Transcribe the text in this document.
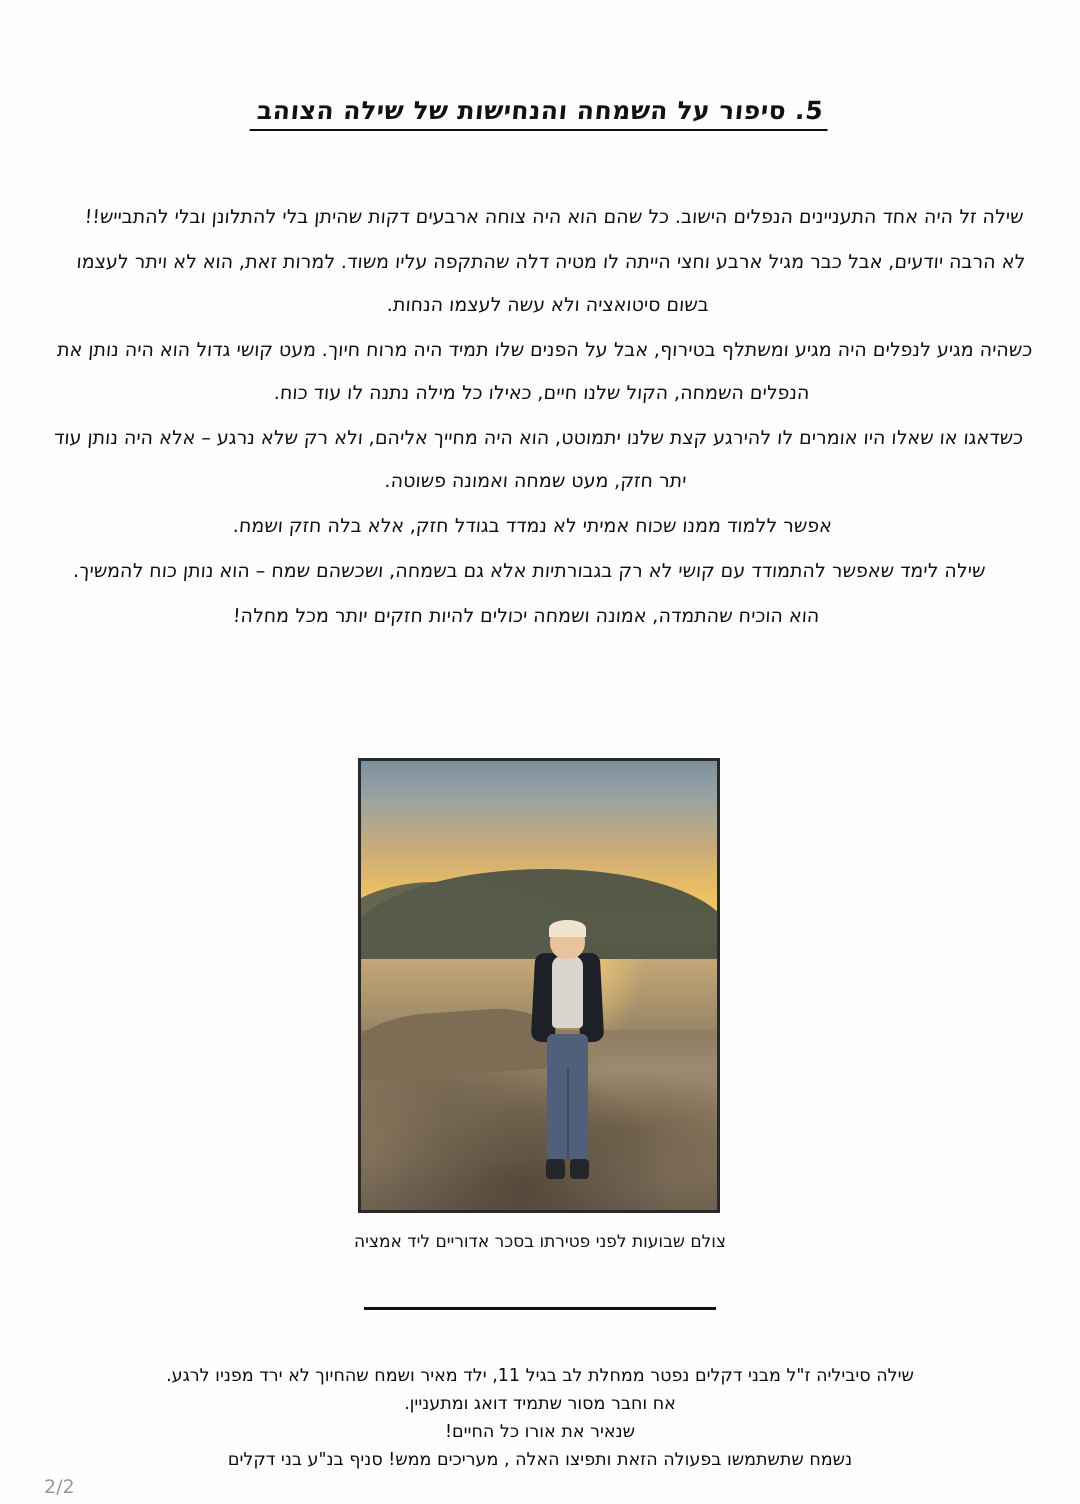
5. סיפור על השמחה והנחישות של שילה הצוהב

שילה זל היה אחד התעניינים הנפלים הישוב. כל שהם הוא היה צוחה ארבעים דקות שהיתן בלי להתלונן ובלי להתבייש!!

לא הרבה יודעים, אבל כבר מגיל ארבע וחצי הייתה לו מטיה דלה שהתקפה עליו משוד. למרות זאת, הוא לא ויתר לעצמו בשום סיטואציה ולא עשה לעצמו הנחות.

כשהיה מגיע לנפלים היה מגיע ומשתלף בטירוף, אבל על הפנים שלו תמיד היה מרוח חיוך. מעט קושי גדול הוא היה נותן את הנפלים השמחה, הקול שלנו חיים, כאילו כל מילה נתנה לו עוד כוח.

כשדאגו או שאלו היו אומרים לו להירגע קצת שלנו יתמוטט, הוא היה מחייך אליהם, ולא רק שלא נרגע – אלא היה נותן עוד יתר חזק, מעט שמחה ואמונה פשוטה.

אפשר ללמוד ממנו שכוח אמיתי לא נמדד בגודל חזק, אלא בלה חזק ושמח.

שילה לימד שאפשר להתמודד עם קושי לא רק בגבורתיות אלא גם בשמחה, ושכשהם שמח – הוא נותן כוח להמשיך.

הוא הוכיח שהתמדה, אמונה ושמחה יכולים להיות חזקים יותר מכל מחלה!

צולם שבועות לפני פטירתו בסכר אדוריים ליד אמציה

שילה סיביליה ז"ל מבני דקלים נפטר ממחלת לב בגיל 11, ילד מאיר ושמח שהחיוך לא ירד מפניו לרגע.

אח וחבר מסור שתמיד דואג ומתעניין.

שנאיר את אורו כל החיים!

נשמח שתשתמשו בפעולה הזאת ותפיצו האלה , מעריכים ממש! סניף בנ"ע בני דקלים

2/2
